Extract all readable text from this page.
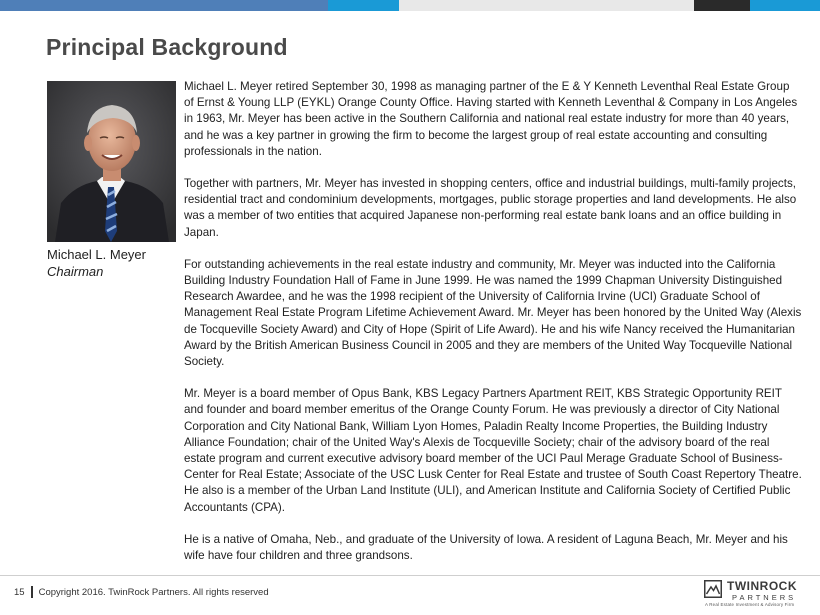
Principal Background
Michael L. Meyer
Chairman

Michael L. Meyer retired September 30, 1998 as managing partner of the E & Y Kenneth Leventhal Real Estate Group of Ernst & Young LLP (EYKL) Orange County Office. Having started with Kenneth Leventhal & Company in Los Angeles in 1963, Mr. Meyer has been active in the Southern California and national real estate industry for more than 40 years, and he was a key partner in growing the firm to become the largest group of real estate accounting and consulting professionals in the nation.

Together with partners, Mr. Meyer has invested in shopping centers, office and industrial buildings, multi-family projects, residential tract and condominium developments, mortgages, public storage properties and land developments. He also was a member of two entities that acquired Japanese non-performing real estate bank loans and an office building in Japan.

For outstanding achievements in the real estate industry and community, Mr. Meyer was inducted into the California Building Industry Foundation Hall of Fame in June 1999. He was named the 1999 Chapman University Distinguished Research Awardee, and he was the 1998 recipient of the University of California Irvine (UCI) Graduate School of Management Real Estate Program Lifetime Achievement Award. Mr. Meyer has been honored by the United Way (Alexis de Tocqueville Society Award) and City of Hope (Spirit of Life Award). He and his wife Nancy received the Humanitarian Award by the British American Business Council in 2005 and they are members of the United Way Tocqueville National Society.

Mr. Meyer is a board member of Opus Bank, KBS Legacy Partners Apartment REIT, KBS Strategic Opportunity REIT and founder and board member emeritus of the Orange County Forum. He was previously a director of City National Corporation and City National Bank, William Lyon Homes, Paladin Realty Income Properties, the Building Industry Alliance Foundation; chair of the United Way's Alexis de Tocqueville Society; chair of the advisory board of the real estate program and current executive advisory board member of the UCI Paul Merage Graduate School of Business-Center for Real Estate; Associate of the USC Lusk Center for Real Estate and trustee of South Coast Repertory Theatre. He also is a member of the Urban Land Institute (ULI), and American Institute and California Society of Certified Public Accountants (CPA).

He is a native of Omaha, Neb., and graduate of the University of Iowa. A resident of Laguna Beach, Mr. Meyer and his wife have four children and three grandsons.

15 Copyright 2016. TwinRock Partners. All rights reserved	TWINROCK
PARTNERS
A Real Estate Investment & Advisory Firm
